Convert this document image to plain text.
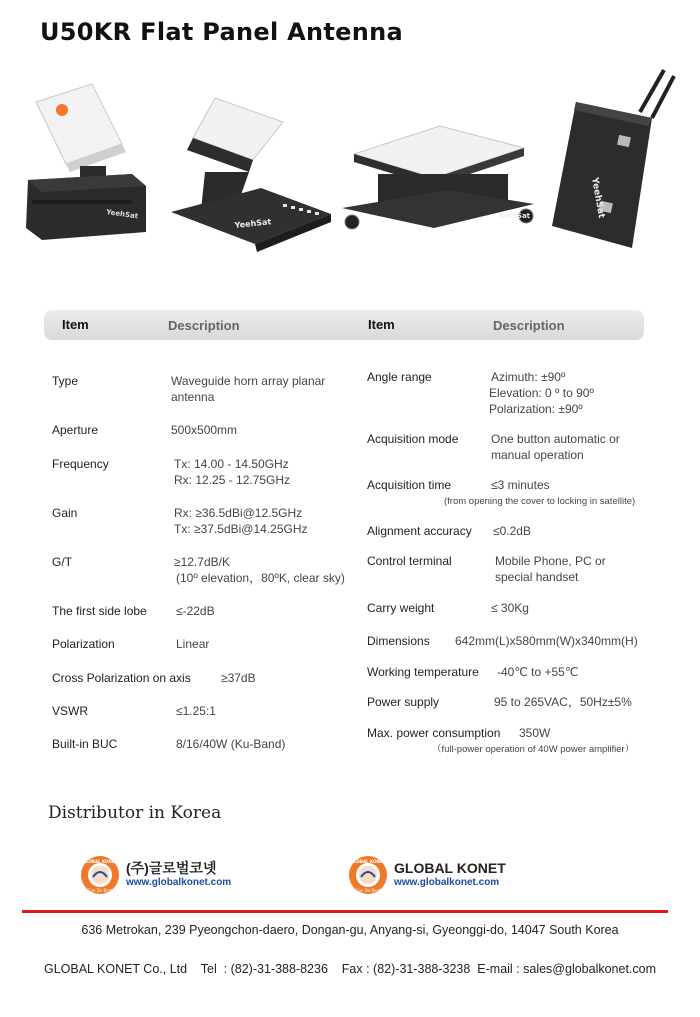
U50KR Flat Panel Antenna
YeehSat
YeehSat
YeehSat	YeehSat
Item	Description	Item	Description
Type	Waveguide horn array planar
antenna
Aperture	500x500mm
Frequency	Tx: 14.00 - 14.50GHz
Rx: 12.25 - 12.75GHz
Gain	Rx: ≥36.5dBi@12.5GHz
Tx: ≥37.5dBi@14.25GHz
G/T	≥12.7dB/K
(10º elevation，80ºK, clear sky)
The first side lobe ≤-22dB
Polarization	Linear
Cross Polarization on axis	≥37dB
VSWR	≤1.25:1
Built-in BUC	8/16/40W (Ku-Band)
Angle range	Azimuth: ±90º
Elevation: 0 º to 90º
Polarization: ±90º
Acquisition mode	One button automatic or
manual operation
Acquisition time	≤3 minutes
(from opening the cover to locking in satellite)
Alignment accuracy ≤0.2dB
Control terminal	Mobile Phone, PC or
special handset
Carry weight	≤ 30Kg
Dimensions 642mm(L)x580mm(W)x340mm(H)
Working temperature -40℃ to +55℃
Power supply	95 to 265VAC，50Hz±5%
Max. power consumption 350W
（full-power operation of 40W power amplifier）
Distributor in Korea
GLOBAL KONET
Can Do Best
(주)글로벌코넷
www.globalkonet.com
GLOBAL KONET
Can Do Best
GLOBAL KONET
www.globalkonet.com
636 Metrokan, 239 Pyeongchon-daero, Dongan-gu, Anyang-si, Gyeonggi-do, 14047 South Korea
GLOBAL KONET Co., Ltd    Tel  : (82)-31-388-8236    Fax : (82)-31-388-3238  E-mail : sales@globalkonet.com
